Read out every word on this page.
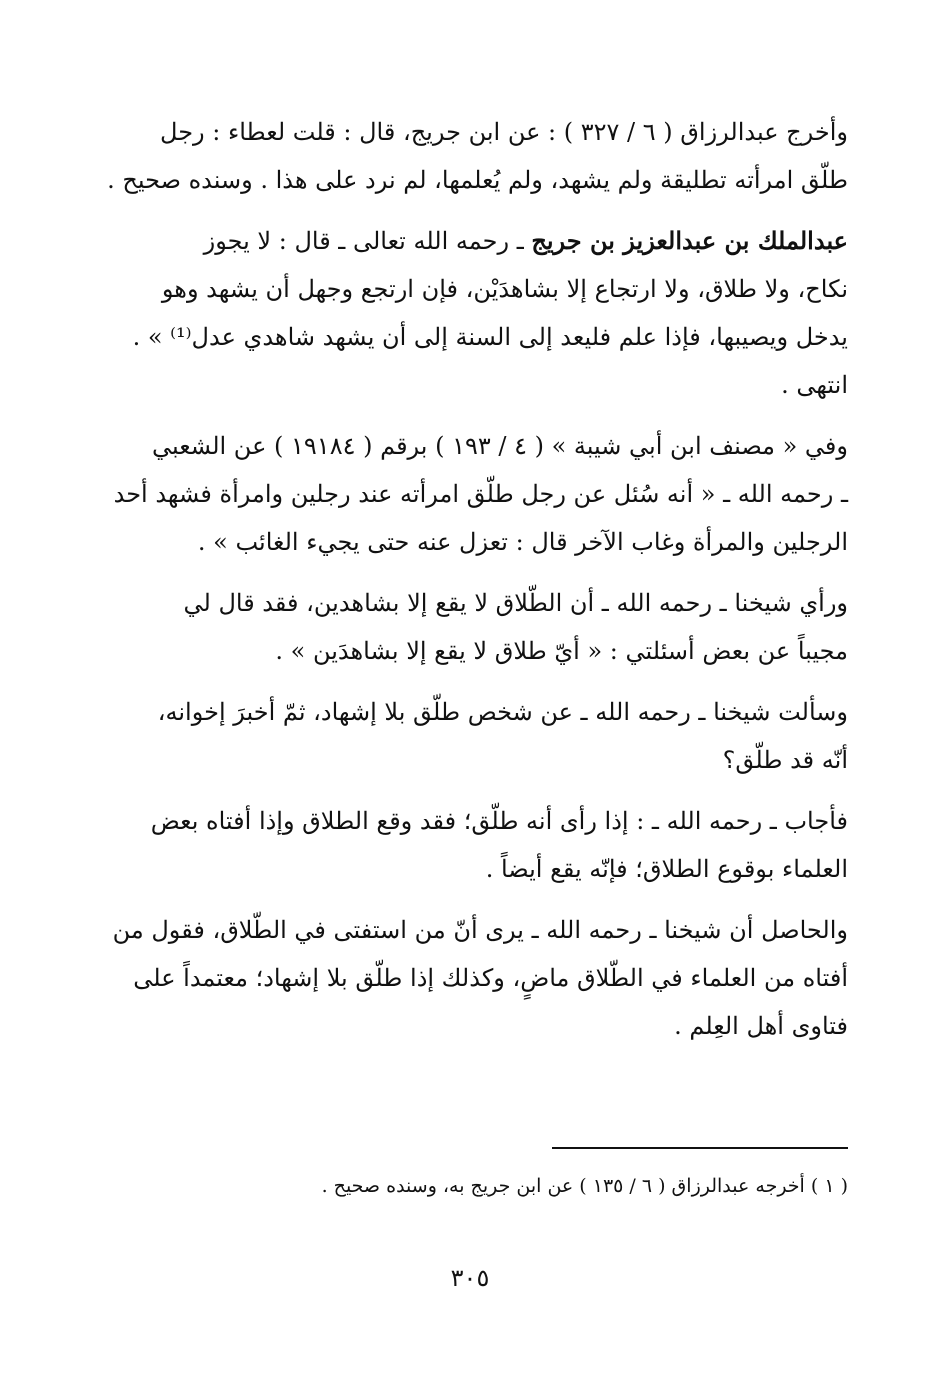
وأخرج عبدالرزاق ( ٦ / ٣٢٧ ) : عن ابن جريج، قال : قلت لعطاء : رجل
طلّق امرأته تطليقة ولم يشهد، ولم يُعلمها، لم نرد على هذا . وسنده صحيح .

عبدالملك بن عبدالعزيز بن جريج ـ رحمه الله تعالى ـ قال : لا يجوز
نكاح، ولا طلاق، ولا ارتجاع إلا بشاهدَيْن، فإن ارتجع وجهل أن يشهد وهو
يدخل ويصيبها، فإذا علم فليعد إلى السنة إلى أن يشهد شاهدي عدل⁽¹⁾ » .
انتهى .

وفي « مصنف ابن أبي شيبة » ( ٤ / ١٩٣ ) برقم ( ١٩١٨٤ ) عن الشعبي
ـ رحمه الله ـ « أنه سُئل عن رجل طلّق امرأته عند رجلين وامرأة فشهد أحد
الرجلين والمرأة وغاب الآخر قال : تعزل عنه حتى يجيء الغائب » .

ورأي شيخنا ـ رحمه الله ـ أن الطّلاق لا يقع إلا بشاهدين، فقد قال لي
مجيباً عن بعض أسئلتي : « أيّ طلاق لا يقع إلا بشاهدَين » .

وسألت شيخنا ـ رحمه الله ـ عن شخص طلّق بلا إشهاد، ثمّ أخبرَ إخوانه،
أنّه قد طلّق؟

فأجاب ـ رحمه الله ـ : إذا رأى أنه طلّق؛ فقد وقع الطلاق وإذا أفتاه بعض
العلماء بوقوع الطلاق؛ فإنّه يقع أيضاً .

والحاصل أن شيخنا ـ رحمه الله ـ يرى أنّ من استفتى في الطّلاق، فقول من
أفتاه من العلماء في الطّلاق ماضٍ، وكذلك إذا طلّق بلا إشهاد؛ معتمداً على
فتاوى أهل العِلم .

( ١ ) أخرجه عبدالرزاق ( ٦ / ١٣٥ ) عن ابن جريج به، وسنده صحيح .
٣٠٥
